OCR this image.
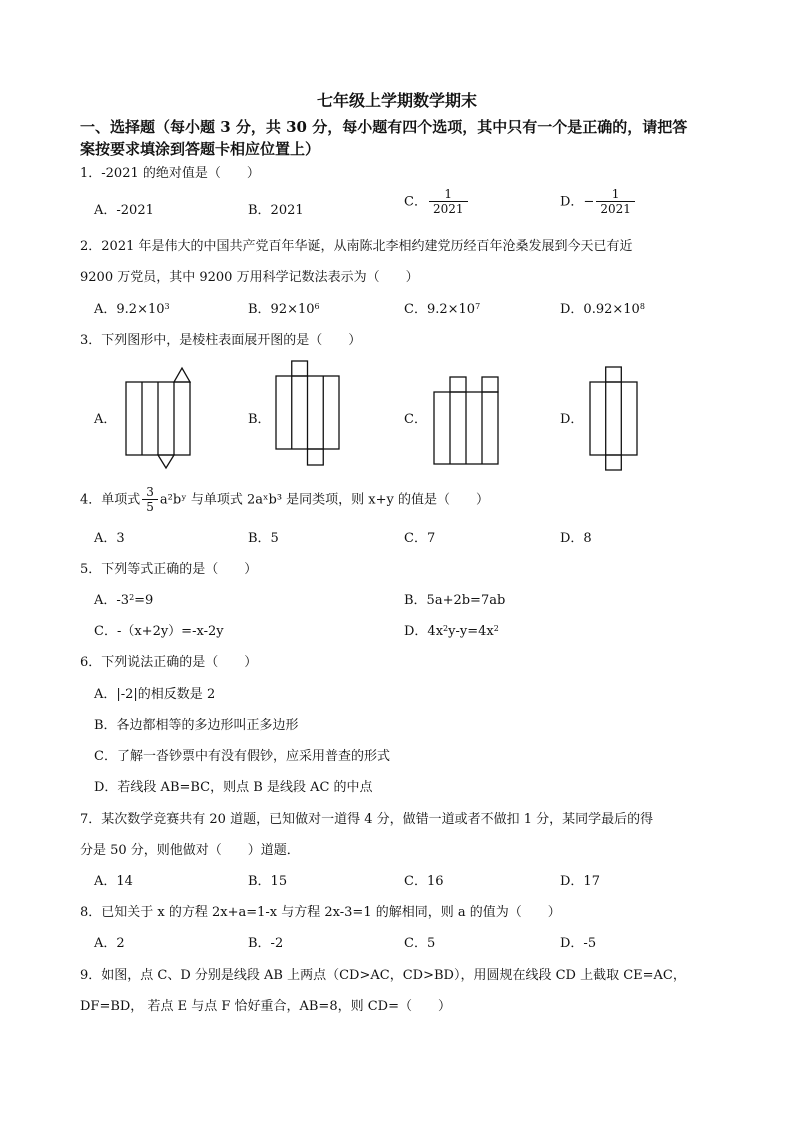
七年级上学期数学期末
一、选择题（每小题 3 分，共 30 分，每小题有四个选项，其中只有一个是正确的，请把答
案按要求填涂到答题卡相应位置上）
1．-2021 的绝对值是（　　）
A．-2021	B．2021
C． $\frac{1}{2021}$	D．− $\frac{1}{2021}$
2．2021 年是伟大的中国共产党百年华诞，从南陈北李相约建党历经百年沧桑发展到今天已有近
9200 万党员，其中 9200 万用科学记数法表示为（　　）
A．$9.2\times 10^3$	B．$92\times 10^6$	C．$9.2\times 10^7$	D．$0.92\times 10^8$
3．下列图形中，是棱柱表面展开图的是（　　）
A．	B．	C．	D．
4．单项式 $\frac{3}{5}$ a²bʸ 与单项式 2aˣb³ 是同类项，则 x+y 的值是（　　）
A．3	B．5	C．7	D．8
5．下列等式正确的是（　　）
A．$-3^2=9$	B．5a+2b=7ab
C．-（x+2y）=-x-2y	D．$4x^2y-y=4x^2$
6．下列说法正确的是（　　）
A．|-2|的相反数是 2
B．各边都相等的多边形叫正多边形
C．了解一沓钞票中有没有假钞，应采用普查的形式
D．若线段 AB=BC，则点 B 是线段 AC 的中点
7．某次数学竞赛共有 20 道题，已知做对一道得 4 分，做错一道或者不做扣 1 分，某同学最后的得
分是 50 分，则他做对（　　）道题．
A．14	B．15	C．16	D．17
8．已知关于 x 的方程 2x+a=1-x 与方程 2x-3=1 的解相同，则 a 的值为（　　）
A．2	B．-2	C．5	D．-5
9．如图，点 C、D 分别是线段 AB 上两点（CD>AC，CD>BD），用圆规在线段 CD 上截取 CE=AC，
DF=BD， 若点 E 与点 F 恰好重合，AB=8，则 CD=（　　）
